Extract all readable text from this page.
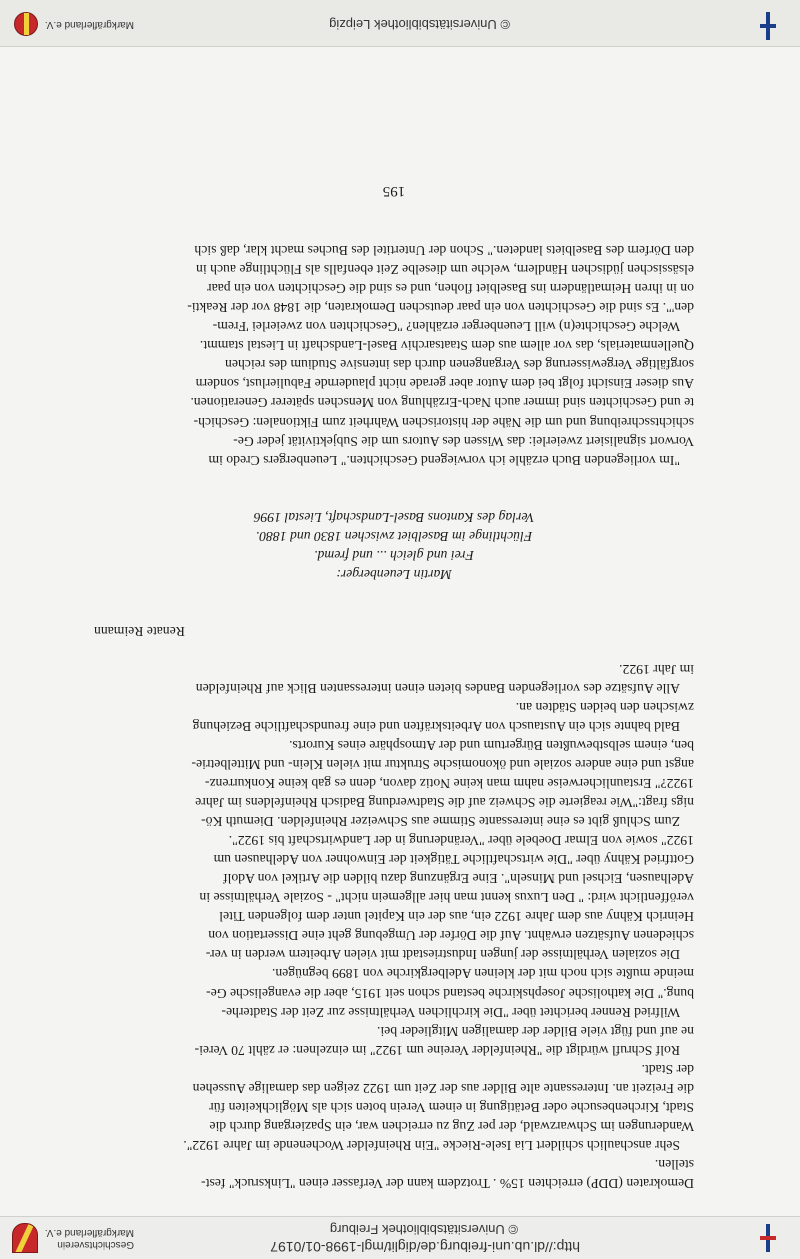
http://dl.ub.uni-freiburg.de/diglit/mgl-1998-01/0197
© Universitätsbibliothek Freiburg
Geschichtsverein
Markgräflerland e.V.
© Universitätsbibliothek Leipzig
Markgräflerland e.V.
Demokraten (DDP) erreichten 15% . Trotzdem kann der Verfasser einen "Linksruck" fest-
stellen.
Sehr anschaulich schildert Lia Isele-Riecke "Ein Rheinfelder Wochenende im Jahre 1922".
Wanderungen im Schwarzwald, der per Zug zu erreichen war, ein Spaziergang durch die
Stadt, Kirchenbesuche oder Betätigung in einem Verein boten sich als Möglichkeiten für
die Freizeit an. Interessante alte Bilder aus der Zeit um 1922 zeigen das damalige Aussehen
der Stadt.
Rolf Schrufl würdigt die "Rheinfelder Vereine um 1922" im einzelnen: er zählt 70 Verei-
ne auf und fügt viele Bilder der damaligen Mitglieder bei.
Wilfried Renner berichtet über "Die kirchlichen Verhältnisse zur Zeit der Stadterhe-
bung." Die katholische Josephskirche bestand schon seit 1915, aber die evangelische Ge-
meinde mußte sich noch mit der kleinen Adelbergkirche von 1899 begnügen.
Die sozialen Verhältnisse der jungen Industriestadt mit vielen Arbeitern werden in ver-
schiedenen Aufsätzen erwähnt. Auf die Dörfer der Umgebung geht eine Dissertation von
Heinrich Kähny aus dem Jahre 1922 ein, aus der ein Kapitel unter dem folgenden Titel
veröffentlicht wird: " Den Luxus kennt man hier allgemein nicht" - Soziale Verhältnisse in
Adelhausen, Eichsel und Minseln". Eine Ergänzung dazu bilden die Artikel von Adolf
Gottfried Kähny über "Die wirtschaftliche Tätigkeit der Einwohner von Adelhausen um
1922" sowie von Elmar Doebele über "Veränderung in der Landwirtschaft bis 1922".
Zum Schluß gibt es eine interessante Stimme aus Schweizer Rheinfelden. Diemuth Kö-
nigs fragt:"Wie reagierte die Schweiz auf die Stadtwerdung Badisch Rheinfeldens im Jahre
1922?" Erstaunlicherweise nahm man keine Notiz davon, denn es gab keine Konkurrenz-
angst und eine andere soziale und ökonomische Struktur mit vielen Klein- und Mittelbetrie-
ben, einem selbstbewußten Bürgertum und der Atmosphäre eines Kurorts.
Bald bahnte sich ein Austausch von Arbeitskräften und eine freundschaftliche Beziehung
zwischen den beiden Städten an.
Alle Aufsätze des vorliegenden Bandes bieten einen interessanten Blick auf Rheinfelden
im Jahr 1922.
Renate Reimann
Martin Leuenberger:
Frei und gleich ... und fremd.
Flüchtlinge im Baselbiet zwischen 1830 und 1880.
Verlag des Kantons Basel-Landschaft, Liestal 1996
"Im vorliegenden Buch erzähle ich vorwiegend Geschichten." Leuenbergers Credo im
Vorwort signalisiert zweierlei: das Wissen des Autors um die Subjektivität jeder Ge-
schichtsschreibung und um die Nähe der historischen Wahrheit zum Fiktionalen: Geschich-
te und Geschichten sind immer auch Nach-Erzählung von Menschen späterer Generationen.
Aus dieser Einsicht folgt bei dem Autor aber gerade nicht plaudernde Fabulierlust, sondern
sorgfältige Vergewisserung des Vergangenen durch das intensive Studium des reichen
Quellenmaterials, das vor allem aus dem Staatsarchiv Basel-Landschaft in Liestal stammt.
Welche Geschichte(n) will Leuenberger erzählen? "Geschichten von zweierlei 'Frem-
den'". Es sind die Geschichten von ein paar deutschen Demokraten, die 1848 vor der Reakti-
on in ihren Heimatländern ins Baselbiet flohen, und es sind die Geschichten von ein paar
elsässischen jüdischen Händlern, welche um dieselbe Zeit ebenfalls als Flüchtlinge auch in
den Dörfern des Baselbiets landeten." Schon der Untertitel des Buches macht klar, daß sich
195
